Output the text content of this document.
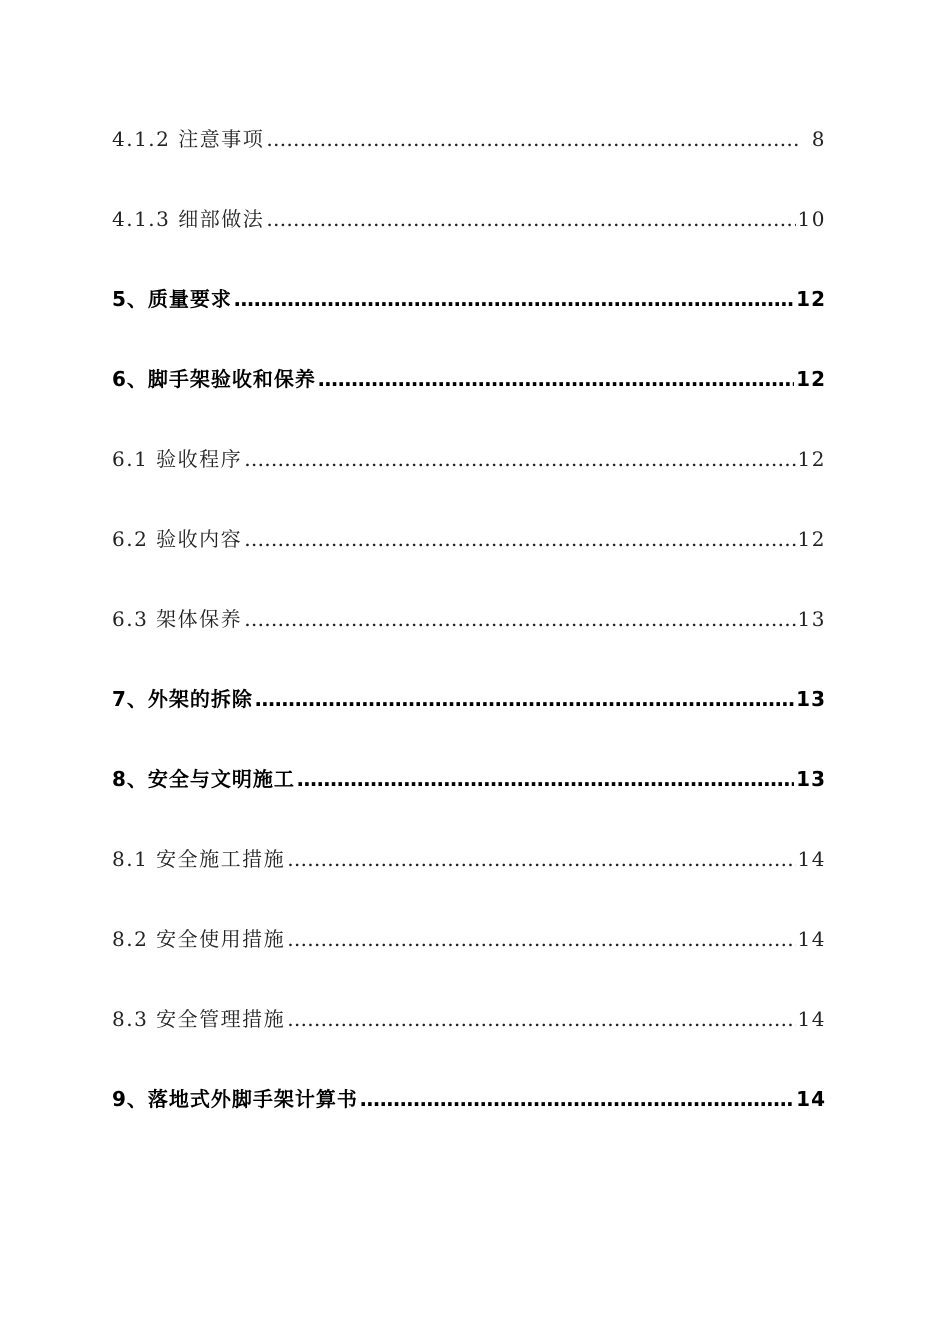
4.1.2 注意事项 ……………………………………………………………………………………………………………………………………………………………………………	8
4.1.3 细部做法 ……………………………………………………………………………………………………………………………………………………………………………	10
5、质量要求 ……………………………………………………………………………………………………………………………………………………………………………	12
6、脚手架验收和保养 ……………………………………………………………………………………………………………………………………………………………………………	12
6.1 验收程序 ……………………………………………………………………………………………………………………………………………………………………………	12
6.2 验收内容 ……………………………………………………………………………………………………………………………………………………………………………	12
6.3 架体保养 ……………………………………………………………………………………………………………………………………………………………………………	13
7、外架的拆除 ……………………………………………………………………………………………………………………………………………………………………………	13
8、安全与文明施工 ……………………………………………………………………………………………………………………………………………………………………………	13
8.1 安全施工措施 ……………………………………………………………………………………………………………………………………………………………………………	14
8.2 安全使用措施 ……………………………………………………………………………………………………………………………………………………………………………	14
8.3 安全管理措施 ……………………………………………………………………………………………………………………………………………………………………………	14
9、落地式外脚手架计算书 ……………………………………………………………………………………………………………………………………………………………………………	14
